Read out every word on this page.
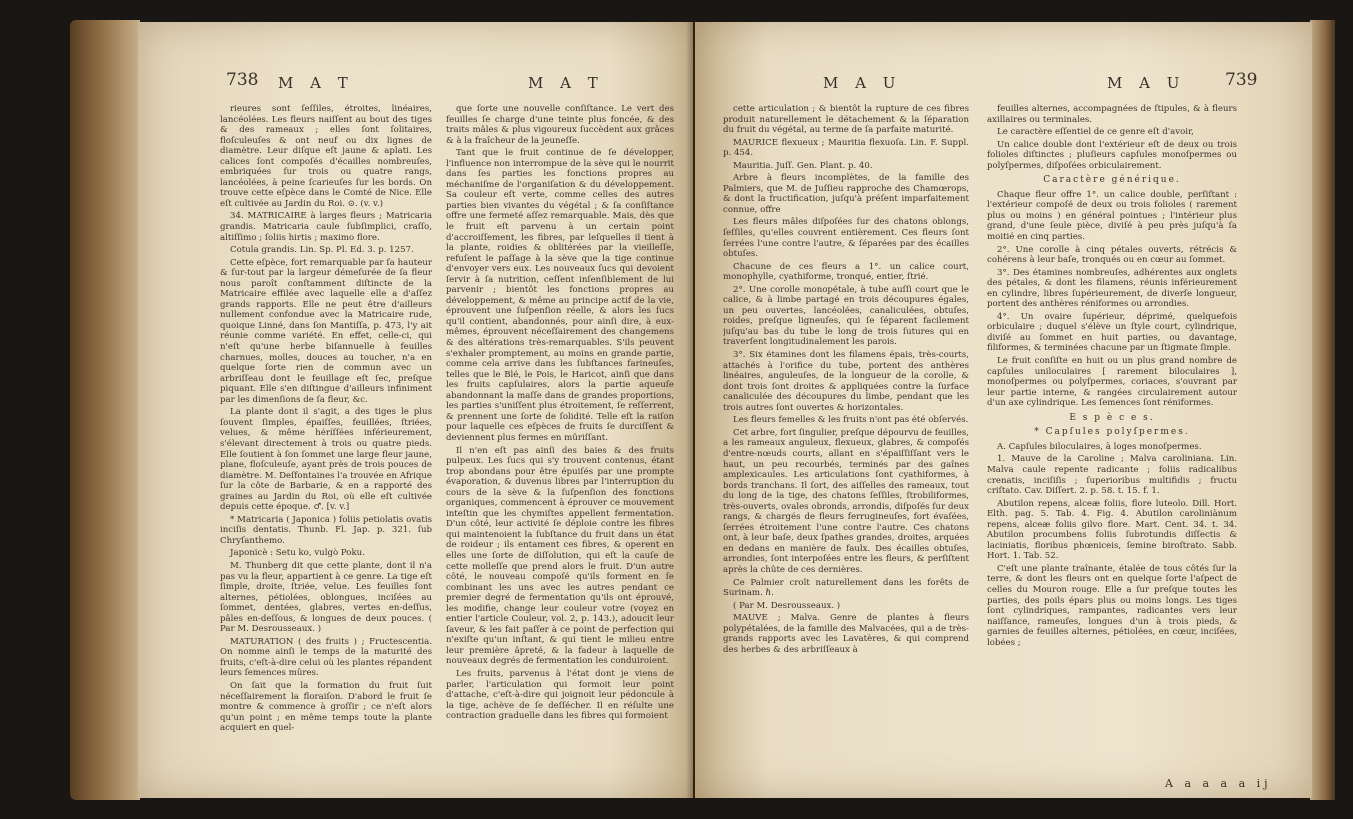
738 M A T	M A T

rieures sont ſeſſiles, étroites, linéaires, lancéolées. Les fleurs naiſſent au bout des tiges & des rameaux ; elles ſont ſolitaires, floſculeuſes & ont neuf ou dix lignes de diamètre. Leur diſque eſt jaune & aplati. Les calices ſont compoſés d'écailles nombreuſes, embriquées ſur trois ou quatre rangs, lancéolées, à peine ſcarieuſes ſur les bords. On trouve cette eſpèce dans le Comté de Nice. Elle eſt cultivée au Jardin du Roi. ⊙. (v. v.)

34. MATRICAIRE à larges fleurs ; Matricaria grandis. Matricaria caule ſubſimplici, craſſo, altiſſimo ; ſoliis hirtis ; maximo flore.

Cotula grandis. Lin. Sp. Pl. Ed. 3. p. 1257.

Cette eſpèce, fort remarquable par ſa hauteur & ſur-tout par la largeur démeſurée de ſa fleur nous paroît conſtamment diſtincte de la Matricaire effilée avec laquelle elle a d'aſſez grands rapports. Elle ne peut être d'ailleurs nullement confondue avec la Matricaire rude, quoique Linné, dans ſon Mantiſſa, p. 473, l'y ait réunie comme variété. En effet, celle-ci, qui n'eſt qu'une herbe biſannuelle à feuilles charnues, molles, douces au toucher, n'a en quelque ſorte rien de commun avec un arbriſſeau dont le feuillage eſt ſec, preſque piquant. Elle s'en diſtingue d'ailleurs infiniment par les dimenſions de ſa fleur, &c.

La plante dont il s'agit, a des tiges le plus ſouvent ſimples, épaiſſes, feuillées, ſtriées, velues, & même héríſſées inférieurement, s'élevant directement à trois ou quatre pieds. Elle ſoutient à ſon ſommet une large fleur jaune, plane, floſculeuſe, ayant près de trois pouces de diamètre. M. Deſfontaines l'a trouvée en Afrique ſur la côte de Barbarie, & en a rapporté des graines au Jardin du Roi, où elle eſt cultivée depuis cette époque. ♂. [v. v.]

* Matricaria ( Japonica ) foliis petiolatis ovatis inciſis dentatis. Thunb. Fl. Jap. p. 321. ſub Chryſanthemo.

Japonicè : Setu ko, vulgò Poku.

M. Thunberg dit que cette plante, dont il n'a pas vu la fleur, appartient à ce genre. La tige eſt ſimple, droite, ſtriée, velue. Les feuilles ſont alternes, pétiolées, oblongues, inciſées au ſommet, dentées, glabres, vertes en-deſſus, pâles en-deſſous, & longues de deux pouces. ( Par M. Desrousseaux. )

MATURATION ( des fruits ) ; Fructescentia. On nomme ainſi le temps de la maturité des fruits, c'eſt-à-dire celui où les plantes répandent leurs ſemences mûres.

On ſait que la formation du fruit ſuit néceſſairement la floraiſon. D'abord le fruit ſe montre & commence à groſſir ; ce n'eſt alors qu'un point ; en même temps toute la plante acquiert en quel-

que ſorte une nouvelle conſiſtance. Le vert des feuilles ſe charge d'une teinte plus foncée, & des traits mâles & plus vigoureux ſuccèdent aux grâces & à la fraîcheur de la jeuneſſe.

Tant que le fruit continue de ſe développer, l'influence non interrompue de la sève qui le nourrit dans ſes parties les fonctions propres au méchaniſme de l'organiſation & du développement. Sa couleur eſt verte, comme celles des autres parties bien vivantes du végétal ; & ſa conſiſtance offre une fermeté aſſez remarquable. Mais, dès que le fruit eſt parvenu à un certain point d'accroiſſement, les fibres, par leſquelles il tient à la plante, roidies & oblitérées par la vieilleſſe, refuſent le paſſage à la sève que la tige continue d'envoyer vers eux. Les nouveaux ſucs qui devoient ſervir à ſa nutrition, ceſſent inſenſiblement de lui parvenir ; bientôt les fonctions propres au développement, & même au principe actif de la vie, éprouvent une ſuſpenſion réelle, & alors les ſucs qu'il contient, abandonnés, pour ainſi dire, à eux-mêmes, éprouvent néceſſairement des changemens & des altérations très-remarquables. S'ils peuvent s'exhaler promptement, au moins en grande partie, comme cela arrive dans les ſubſtances farineuſes, telles que le Blé, le Pois, le Haricot, ainſi que dans les fruits capſulaires, alors la partie aqueuſe abandonnant la maſſe dans de grandes proportions, les parties s'uniſſent plus étroitement, ſe reſſerrent, & prennent une ſorte de ſolidité. Telle eſt la raiſon pour laquelle ces eſpèces de fruits ſe durciſſent & deviennent plus fermes en mûriſſant.

Il n'en eſt pas ainſi des baies & des fruits pulpeux. Les ſucs qui s'y trouvent contenus, étant trop abondans pour être épuiſés par une prompte évaporation, & duvenus libres par l'interruption du cours de la sève & la ſuſpenſion des fonctions organiques, commencent à éprouver ce mouvement inteſtin que les chymiſtes appellent fermentation. D'un côté, leur activité ſe déploie contre les fibres qui maintenoient la ſubſtance du fruit dans un état de roideur ; ils entament ces fibres, & operent en elles une ſorte de diſſolution, qui eſt la cauſe de cette molleſſe que prend alors le fruit. D'un autre côté, le nouveau compoſé qu'ils forment en ſe combinant les uns avec les autres pendant ce premier degré de fermentation qu'ils ont éprouvé, les modifie, change leur couleur votre (voyez en entier l'article Couleur, vol. 2, p. 143.), adoucit leur ſaveur, & les fait paſſer à ce point de perfection qui n'exiſte qu'un inſtant, & qui tient le milieu entre leur première âpreté, & la fadeur à laquelle de nouveaux degrés de fermentation les conduiroient.

Les fruits, parvenus à l'état dont je viens de parler, l'articulation qui formoit leur point d'attache, c'eſt-à-dire qui joignoit leur pédoncule à la tige, achève de ſe deſſécher. Il en réſulte une contraction graduelle dans les fibres qui formoient

M A U	M A U 739

cette articulation ; & bientôt la rupture de ces fibres produit naturellement le détachement & la ſéparation du fruit du végétal, au terme de ſa parfaite maturité.

MAURICE flexueux ; Mauritia flexuoſa. Lin. F. Suppl. p. 454.

Mauritia. Juſſ. Gen. Plant. p. 40.

Arbre à fleurs incomplètes, de la famille des Palmiers, que M. de Juſſieu rapproche des Chamœrops, & dont la fructification, juſqu'à préſent imparfaitement connue, offre

Les fleurs mâles diſpoſées ſur des chatons oblongs, ſeſſiles, qu'elles couvrent entièrement. Ces fleurs ſont ſerrées l'une contre l'autre, & ſéparées par des écailles obtuſes.

Chacune de ces fleurs a 1°. un calice court, monophylle, cyathiforme, tronqué, entier, ſtrié.

2°. Une corolle monopétale, à tube auſſi court que le calice, & à limbe partagé en trois découpures égales, un peu ouvertes, lancéolées, canaliculées, obtuſes, roides, preſque ligneuſes, qui ſe ſéparent facilement juſqu'au bas du tube le long de trois ſutures qui en traverſent longitudinalement les parois.

3°. Six étamines dont les filamens épais, très-courts, attachés à l'orifice du tube, portent des anthères linéaires, anguleuſes, de la longueur de la corolle, & dont trois ſont droites & appliquées contre la ſurface canaliculée des découpures du limbe, pendant que les trois autres ſont ouvertes & horizontales.

Les fleurs femelles & les fruits n'ont pas été obſervés.

Cet arbre, fort ſingulier, preſque dépourvu de feuilles, a les rameaux anguleux, flexueux, glabres, & compoſés d'entre-nœuds courts, allant en s'épaiſſiſſant vers le haut, un peu recourbés, terminés par des gaînes amplexicaules. Les articulations ſont cyathiformes, à bords tranchans. Il ſort, des aiſſelles des rameaux, tout du long de la tige, des chatons ſeſſiles, ſtrobiliformes, très-ouverts, ovales obronds, arrondis, diſpoſés ſur deux rangs, & chargés de fleurs ferrugineuſes, fort évaſées, ſerrées étroitement l'une contre l'autre. Ces chatons ont, à leur baſe, deux ſpathes grandes, droites, arquées en dedans en manière de faulx. Des écailles obtuſes, arrondies, ſont interpoſées entre les fleurs, & perſiſtent après la chûte de ces dernières.

Ce Palmier croît naturellement dans les forêts de Surinam. ℏ.

( Par M. Desrousseaux. )

MAUVE ; Malva. Genre de plantes à fleurs polypétalées, de la famille des Malvacées, qui a de très-grands rapports avec les Lavatères, & qui comprend des herbes & des arbriſſeaux à

feuilles alternes, accompagnées de ſtipules, & à fleurs axillaires ou terminales.

Le caractère eſſentiel de ce genre eſt d'avoir,

Un calice double dont l'extérieur eſt de deux ou trois folioles diſtinctes ; pluſieurs capſules monoſpermes ou polyſpermes, diſpoſées orbiculairement.

Caractère générique.

Chaque fleur offre 1°. un calice double, perſiſtant : l'extérieur compoſé de deux ou trois folioles ( rarement plus ou moins ) en général pointues ; l'intérieur plus grand, d'une ſeule pièce, diviſé à peu près juſqu'à ſa moitié en cinq parties.

2°. Une corolle à cinq pétales ouverts, rétrécis & cohérens à leur baſe, tronqués ou en cœur au ſommet.

3°. Des étamines nombreuſes, adhérentes aux onglets des pétales, & dont les filamens, réunis inférieurement en cylindre, libres ſupérieurement, de diverſe longueur, portent des anthères réniformes ou arrondies.

4°. Un ovaire ſupérieur, déprimé, quelquefois orbiculaire ; duquel s'élève un ſtyle court, cylindrique, diviſé au ſommet en huit parties, ou davantage, filiformes, & terminées chacune par un ſtigmate ſimple.

Le fruit conſiſte en huit ou un plus grand nombre de capſules uniloculaires [ rarement biloculaires ], monoſpermes ou polyſpermes, coriaces, s'ouvrant par leur partie interne, & rangées circulairement autour d'un axe cylindrique. Les ſemences ſont réniformes.

E s p è c e s.

* Capſules polyſpermes.

A. Capſules biloculaires, à loges monoſpermes.

1. Mauve de la Caroline ; Malva caroliniana. Lin. Malva caule repente radicante ; foliis radicalibus crenatis, inciſiſis ; ſuperioribus multifidis ; fructu criſtato. Cav. Diſſert. 2. p. 58. t. 15. f. 1.

Abutilon repens, alceæ foliis, flore luteolo. Dill. Hort. Elth. pag. 5. Tab. 4. Fig. 4. Abutilon caroliniànum repens, alceæ foliis gilvo flore. Mart. Cent. 34. t. 34. Abutilon procumbens foliis ſubrotundis diſſectis & laciniatis, floribus phœniceis, ſemine biroſtrato. Sabb. Hort. 1. Tab. 52.

C'eſt une plante traînante, étalée de tous côtés ſur la terre, & dont les fleurs ont en quelque ſorte l'aſpect de celles du Mouron rouge. Elle a ſur preſque toutes les parties, des poils épars plus ou moins longs. Les tiges ſont cylindriques, rampantes, radicantes vers leur naiſſance, rameuſes, longues d'un à trois pieds, & garnies de feuilles alternes, pétiolées, en cœur, inciſées, lobées ;

A a a a a ij
